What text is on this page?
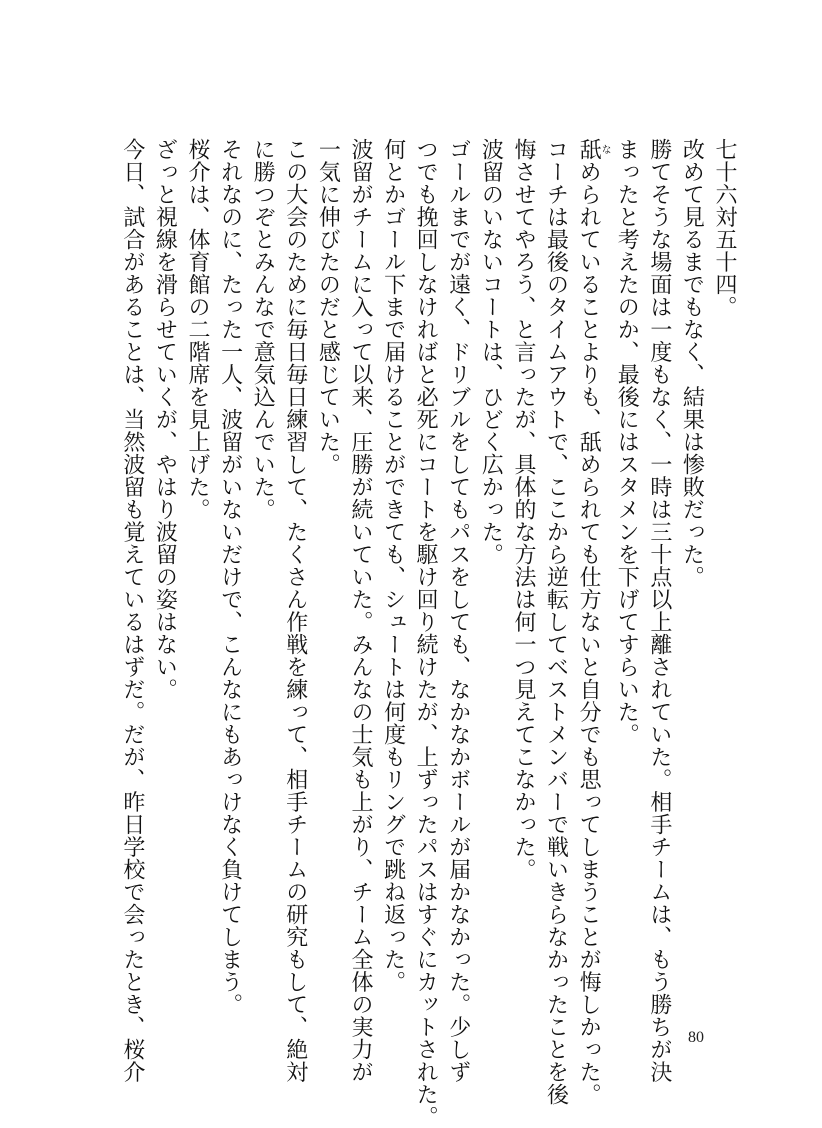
七十六対五十四。

改めて見るまでもなく、結果は惨敗だった。

勝てそうな場面は一度もなく、一時は三十点以上離されていた。相手チームは、もう勝ちが決

まったと考えたのか、最後にはスタメンを下げてすらいた。

舐なめられていることよりも、舐められても仕方ないと自分でも思ってしまうことが悔しかった。

コーチは最後のタイムアウトで、ここから逆転してベストメンバーで戦いきらなかったことを後

悔させてやろう、と言ったが、具体的な方法は何一つ見えてこなかった。

波留のいないコートは、ひどく広かった。

ゴールまでが遠く、ドリブルをしてもパスをしても、なかなかボールが届かなかった。少しず

つでも挽回しなければと必死にコートを駆け回り続けたが、上ずったパスはすぐにカットされた。

何とかゴール下まで届けることができても、シュートは何度もリングで跳ね返った。

波留がチームに入って以来、圧勝が続いていた。みんなの士気も上がり、チーム全体の実力が

一気に伸びたのだと感じていた。

この大会のために毎日毎日練習して、たくさん作戦を練って、相手チームの研究もして、絶対

に勝つぞとみんなで意気込んでいた。

それなのに、たった一人、波留がいないだけで、こんなにもあっけなく負けてしまう。

桜介は、体育館の二階席を見上げた。

ざっと視線を滑らせていくが、やはり波留の姿はない。

今日、試合があることは、当然波留も覚えているはずだ。だが、昨日学校で会ったとき、桜介	80
